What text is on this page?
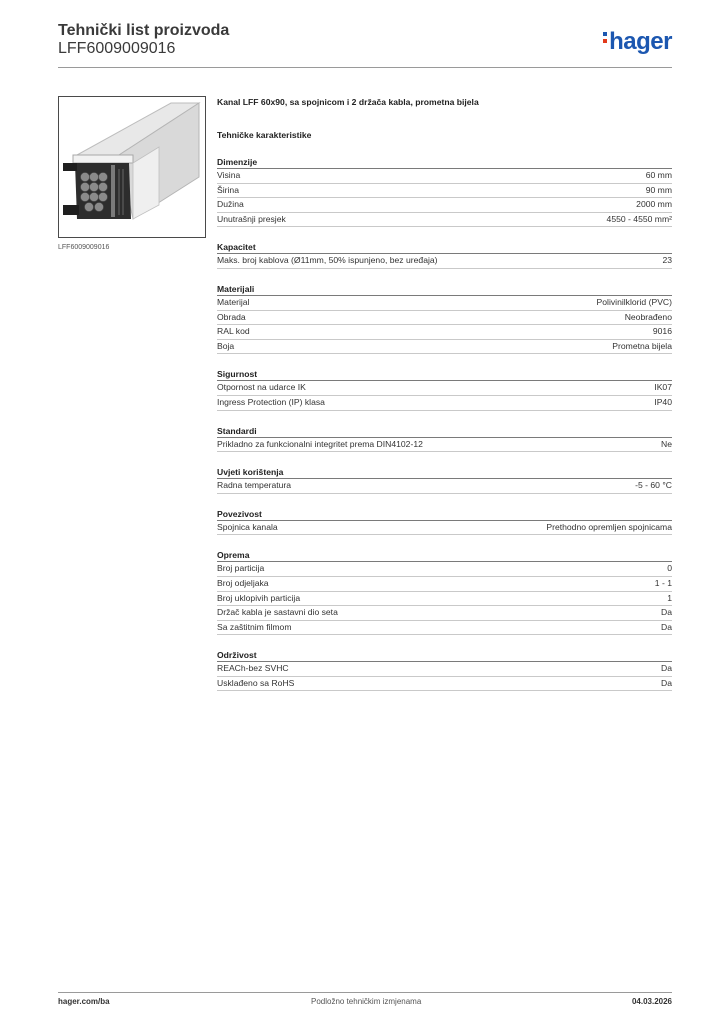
Tehnički list proizvoda
LFF6009009016	hager
LFF6009009016
Kanal LFF 60x90, sa spojnicom i 2 držača kabla, prometna bijela
Tehničke karakteristike
Dimenzije
Visina	60 mm
Širina	90 mm
Dužina	2000 mm
Unutrašnji presjek	4550 - 4550 mm²
Kapacitet
Maks. broj kablova (Ø11mm, 50% ispunjeno, bez uređaja)	23
Materijali
Materijal	Polivinilklorid (PVC)
Obrada	Neobrađeno
RAL kod	9016
Boja	Prometna bijela
Sigurnost
Otpornost na udarce IK	IK07
Ingress Protection (IP) klasa	IP40
Standardi
Prikladno za funkcionalni integritet prema DIN4102-12	Ne
Uvjeti korištenja
Radna temperatura	-5 - 60 °C
Povezivost
Spojnica kanala	Prethodno opremljen spojnicama
Oprema
Broj particija	0
Broj odjeljaka	1 - 1
Broj uklopivih particija	1
Držač kabla je sastavni dio seta	Da
Sa zaštitnim filmom	Da
Održivost
REACh-bez SVHC	Da
Usklađeno sa RoHS	Da
hager.com/ba	Podložno tehničkim izmjenama	04.03.2026
